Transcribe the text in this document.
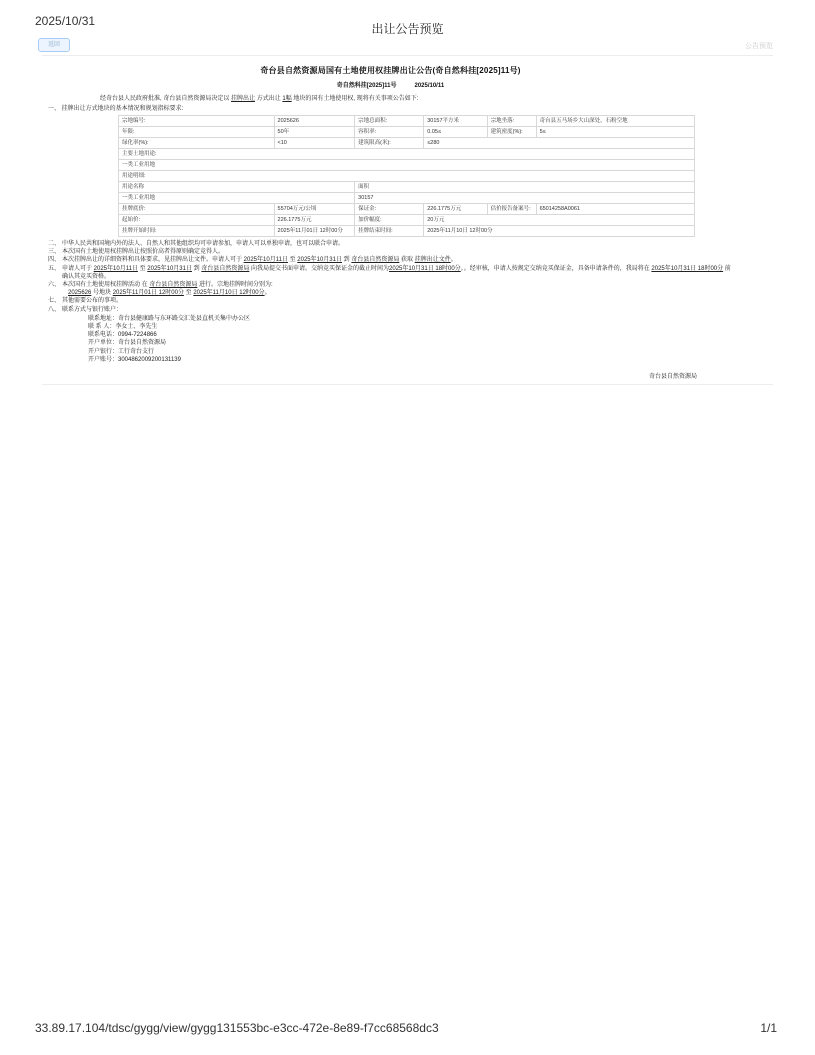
2025/10/31
出让公告预览
返回	公告预览
奇台县自然资源局国有土地使用权挂牌出让公告(奇自然科挂[2025]11号)
奇自然科挂[2025]11号	2025/10/11
经奇台县人民政府批准, 奇台县自然资源局决定以 挂牌出让 方式出让 1幅 地块的国有土地使用权, 现将有关事项公告如下:
一、 挂牌出让方式地块的基本情况和规划指标要求:
宗地编号:	2025626	宗地总面积:	30157平方米	宗地坐落:	奇台县五马场乡大山深处，石粉空地
年限:	50年	容积率:	0.05≤	建筑密度(%):	5≤
绿化率(%):	<10	建筑限高(米):	≤280		
主要土地用途:					
一类工业用地					
用途明细:					
用途名称		面积			
一类工业用地		30157			
挂牌底价:	55704万元/公顷	保证金:	226.1775万元	估价报告备案号:	65014258A0061
起始价:	226.1775万元	加价幅度:	20万元		
挂牌开始时间:	2025年11月01日 12时00分	挂牌结束时间:	2025年11月10日 12时00分		
二、 中华人民共和国境内外的法人、自然人和其他组织均可申请参加，申请人可以单独申请，也可以联合申请。
三、 本次国有土地使用权挂牌出让按照价高者得原则确定竞得人。
四、 本次挂牌出让的详细资料和具体要求，见挂牌出让文件。申请人可于 2025年10月11日 至 2025年10月31日 到 奇台县自然资源局 获取 挂牌出让文件。
五、 申请人可于 2025年10月11日 至 2025年10月31日 到 奇台县自然资源局 向我局提交书面申请。交纳竞买保证金的截止时间为2025年10月31日 18时00分。。经审核，申请人按规定交纳竞买保证金，具备申请条件的，我局将在 2025年10月31日 18时00分 前确认其竞买资格。
六、 本次国有土地使用权挂牌活动 在 奇台县自然资源局 进行。宗地挂牌时间分别为:
2025626 号地块 2025年11月01日 12时00分 至 2025年11月10日 12时00分。
七、 其他需要公布的事项。
八、 联系方式与银行账户：
联系地址：奇台县健康路与东环路交汇处县直机关集中办公区
联 系 人：李女士、李先生
联系电话：0994-7224866
开户单位：奇台县自然资源局
开户银行：工行奇台支行
开户账号：3004862009200131139
奇台县自然资源局
33.89.17.104/tdsc/gygg/view/gygg131553bc-e3cc-472e-8e89-f7cc68568dc3	1/1
